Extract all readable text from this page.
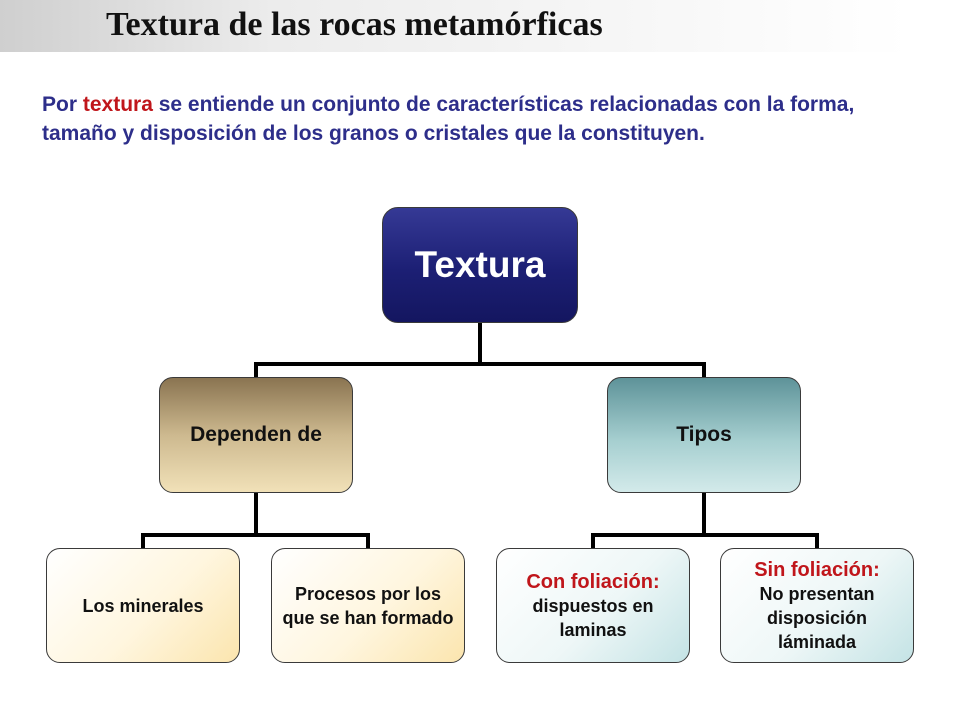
Textura de las rocas metamórficas
Por textura se entiende un conjunto de características relacionadas con la forma, tamaño y disposición de los granos o cristales que la constituyen.
Textura
Dependen de	Tipos
Los minerales
Procesos por los que se han formado
Con foliación:
dispuestos en laminas
Sin foliación:
No presentan disposición láminada
